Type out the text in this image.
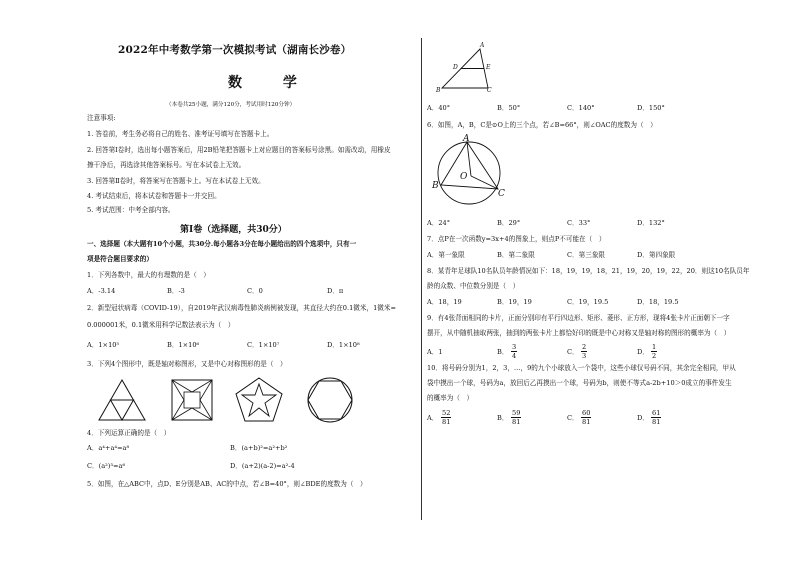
2022年中考数学第一次模拟考试（湖南长沙卷）
数 学
（本卷共25小题，满分120分，考试用时120分钟）
注意事项:
1. 答卷前，考生务必将自己的姓名、准考证号填写在答题卡上。
2. 回答第Ⅰ卷时，选出每小题答案后，用2B铅笔把答题卡上对应题目的答案标号涂黑。如需改动，用橡皮
擦干净后，再选涂其他答案标号。写在本试卷上无效。
3. 回答第Ⅱ卷时，将答案写在答题卡上。写在本试卷上无效。
4. 考试结束后，将本试卷和答题卡一并交回。
5. 考试范围：中考全部内容。
第Ⅰ卷（选择题，共30分）
一、选择题（本大题有10个小题，共30分.每小题各3分在每小题给出的四个选项中，只有一
项是符合题目要求的）
1．下列各数中，最大的有理数的是（　）
A．-3.14	B．-3	C．0	D．π
2．新型冠状病毒（COVID-19），自2019年武汉病毒性肺炎病例被发现，其直径大约在0.1微米，1微米=
0.000001米，0.1微米用科学记数法表示为（　）
A．1×10⁵	B．1×10⁶	C．1×10⁷	D．1×10⁸
3．下列4个图形中，既是轴对称图形，又是中心对称图形的是（　）
4．下列运算正确的是（　）
A．a⁴+a⁴=a⁸	B．(a+b)²=a²+b²
C．(a²)³=a⁶	D．(a+2)(a-2)=a²-4
5．如图，在△ABC中，点D、E分别是AB、AC的中点，若∠B=40°，则∠BDE的度数为（　）
A
D	E
B	C
A．40°	B．50°	C．140°	D．150°
6．如图，A，B，C是⊙O上的三个点，若∠B=66°，则∠OAC的度数为（　）
A
O
B
C
A．24°	B．29°	C．33°	D．132°
7．点P在一次函数y=3x+4的图象上，则点P不可能在（　）
A．第一象限	B．第二象限	C．第三象限	D．第四象限
8．某青年足球队10名队员年龄情况如下：18，19，19，18，21，19，20，19，22，20．则这10名队员年
龄的众数、中位数分别是（　）
A．18，19	B．19，19	C．19，19.5	D．18，19.5
9．有4张背面相同的卡片，正面分别印有平行四边形、矩形、菱形、正方形，现将4张卡片正面朝下一字
摆开，从中随机抽取两张，抽到的两张卡片上都恰好印的既是中心对称又是轴对称的图形的概率为（　）
A．1	B．
3
4	C．
2
3	D．
1
2
10．将号码分别为1，2，3，…，9的九个小球放入一个袋中，这些小球仅号码不同，其余完全相同，甲从
袋中摸出一个球，号码为a，放回后乙再摸出一个球，号码为b，则使不等式a-2b+10＞0成立的事件发生
的概率为（　）
A．
52
81	B．
59
81	C．
60
81	D．
61
81
